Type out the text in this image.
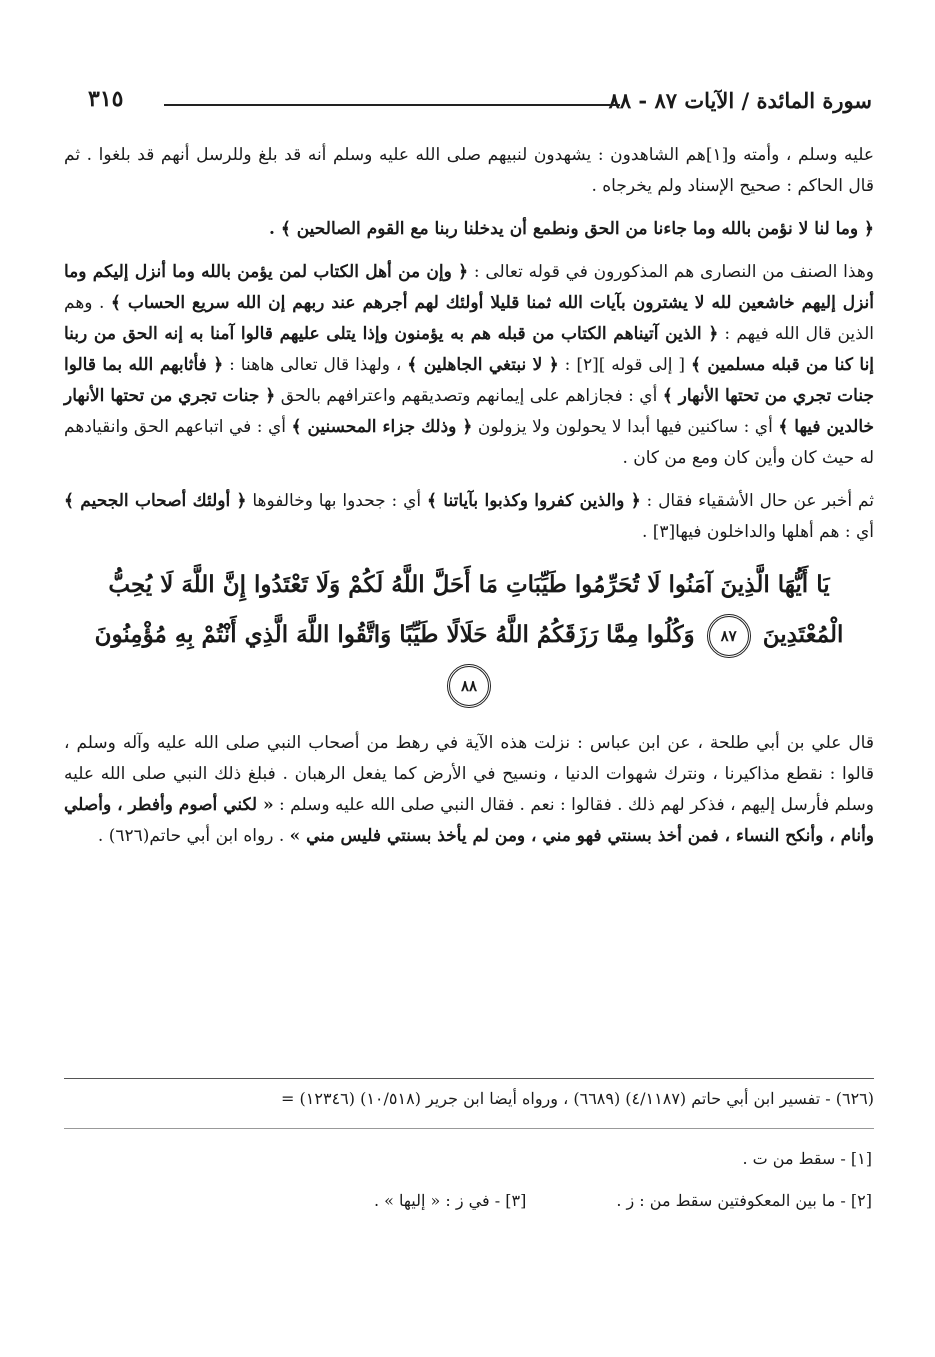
سورة المائدة / الآيات ٨٧ - ٨٨
٣١٥

عليه وسلم ، وأمته و[١]هم الشاهدون : يشهدون لنبيهم صلى الله عليه وسلم أنه قد بلغ وللرسل أنهم قد بلغوا . ثم قال الحاكم : صحيح الإسناد ولم يخرجاه .

﴿ وما لنا لا نؤمن بالله وما جاءنا من الحق ونطمع أن يدخلنا ربنا مع القوم الصالحين ﴾ .

وهذا الصنف من النصارى هم المذكورون في قوله تعالى : ﴿ وإن من أهل الكتاب لمن يؤمن بالله وما أنزل إليكم وما أنزل إليهم خاشعين لله لا يشترون بآيات الله ثمنا قليلا أولئك لهم أجرهم عند ربهم إن الله سريع الحساب ﴾ . وهم الذين قال الله فيهم : ﴿ الذين آتيناهم الكتاب من قبله هم به يؤمنون وإذا يتلى عليهم قالوا آمنا به إنه الحق من ربنا إنا كنا من قبله مسلمين ﴾ [ إلى قوله ][٢] : ﴿ لا نبتغي الجاهلين ﴾ ، ولهذا قال تعالى هاهنا : ﴿ فأثابهم الله بما قالوا جنات تجري من تحتها الأنهار ﴾ أي : فجازاهم على إيمانهم وتصديقهم واعترافهم بالحق ﴿ جنات تجري من تحتها الأنهار خالدين فيها ﴾ أي : ساكنين فيها أبدا لا يحولون ولا يزولون ﴿ وذلك جزاء المحسنين ﴾ أي : في اتباعهم الحق وانقيادهم له حيث كان وأين كان ومع من كان .

ثم أخبر عن حال الأشقياء فقال : ﴿ والذين كفروا وكذبوا بآياتنا ﴾ أي : جحدوا بها وخالفوها ﴿ أولئك أصحاب الجحيم ﴾ أي : هم أهلها والداخلون فيها[٣] .

يَا أَيُّهَا الَّذِينَ آمَنُوا لَا تُحَرِّمُوا طَيِّبَاتِ مَا أَحَلَّ اللَّهُ لَكُمْ وَلَا تَعْتَدُوا إِنَّ اللَّهَ لَا يُحِبُّ
الْمُعْتَدِينَ ٨٧ وَكُلُوا مِمَّا رَزَقَكُمُ اللَّهُ حَلَالًا طَيِّبًا وَاتَّقُوا اللَّهَ الَّذِي أَنْتُمْ بِهِ مُؤْمِنُونَ
٨٨

قال علي بن أبي طلحة ، عن ابن عباس : نزلت هذه الآية في رهط من أصحاب النبي صلى الله عليه وآله وسلم ، قالوا : نقطع مذاكيرنا ، ونترك شهوات الدنيا ، ونسيح في الأرض كما يفعل الرهبان . فبلغ ذلك النبي صلى الله عليه وسلم فأرسل إليهم ، فذكر لهم ذلك . فقالوا : نعم . فقال النبي صلى الله عليه وسلم : « لكني أصوم وأفطر ، وأصلي وأنام ، وأنكح النساء ، فمن أخذ بسنتي فهو مني ، ومن لم يأخذ بسنتي فليس مني » . رواه ابن أبي حاتم(٦٢٦) .

(٦٢٦) - تفسير ابن أبي حاتم (٤/١١٨٧) (٦٦٨٩) ، ورواه أيضا ابن جرير (١٠/٥١٨) (١٢٣٤٦) =
[١] - سقط من ت .
[٢] - ما بين المعكوفتين سقط من : ز .
[٣] - في ز : « إليها » .
